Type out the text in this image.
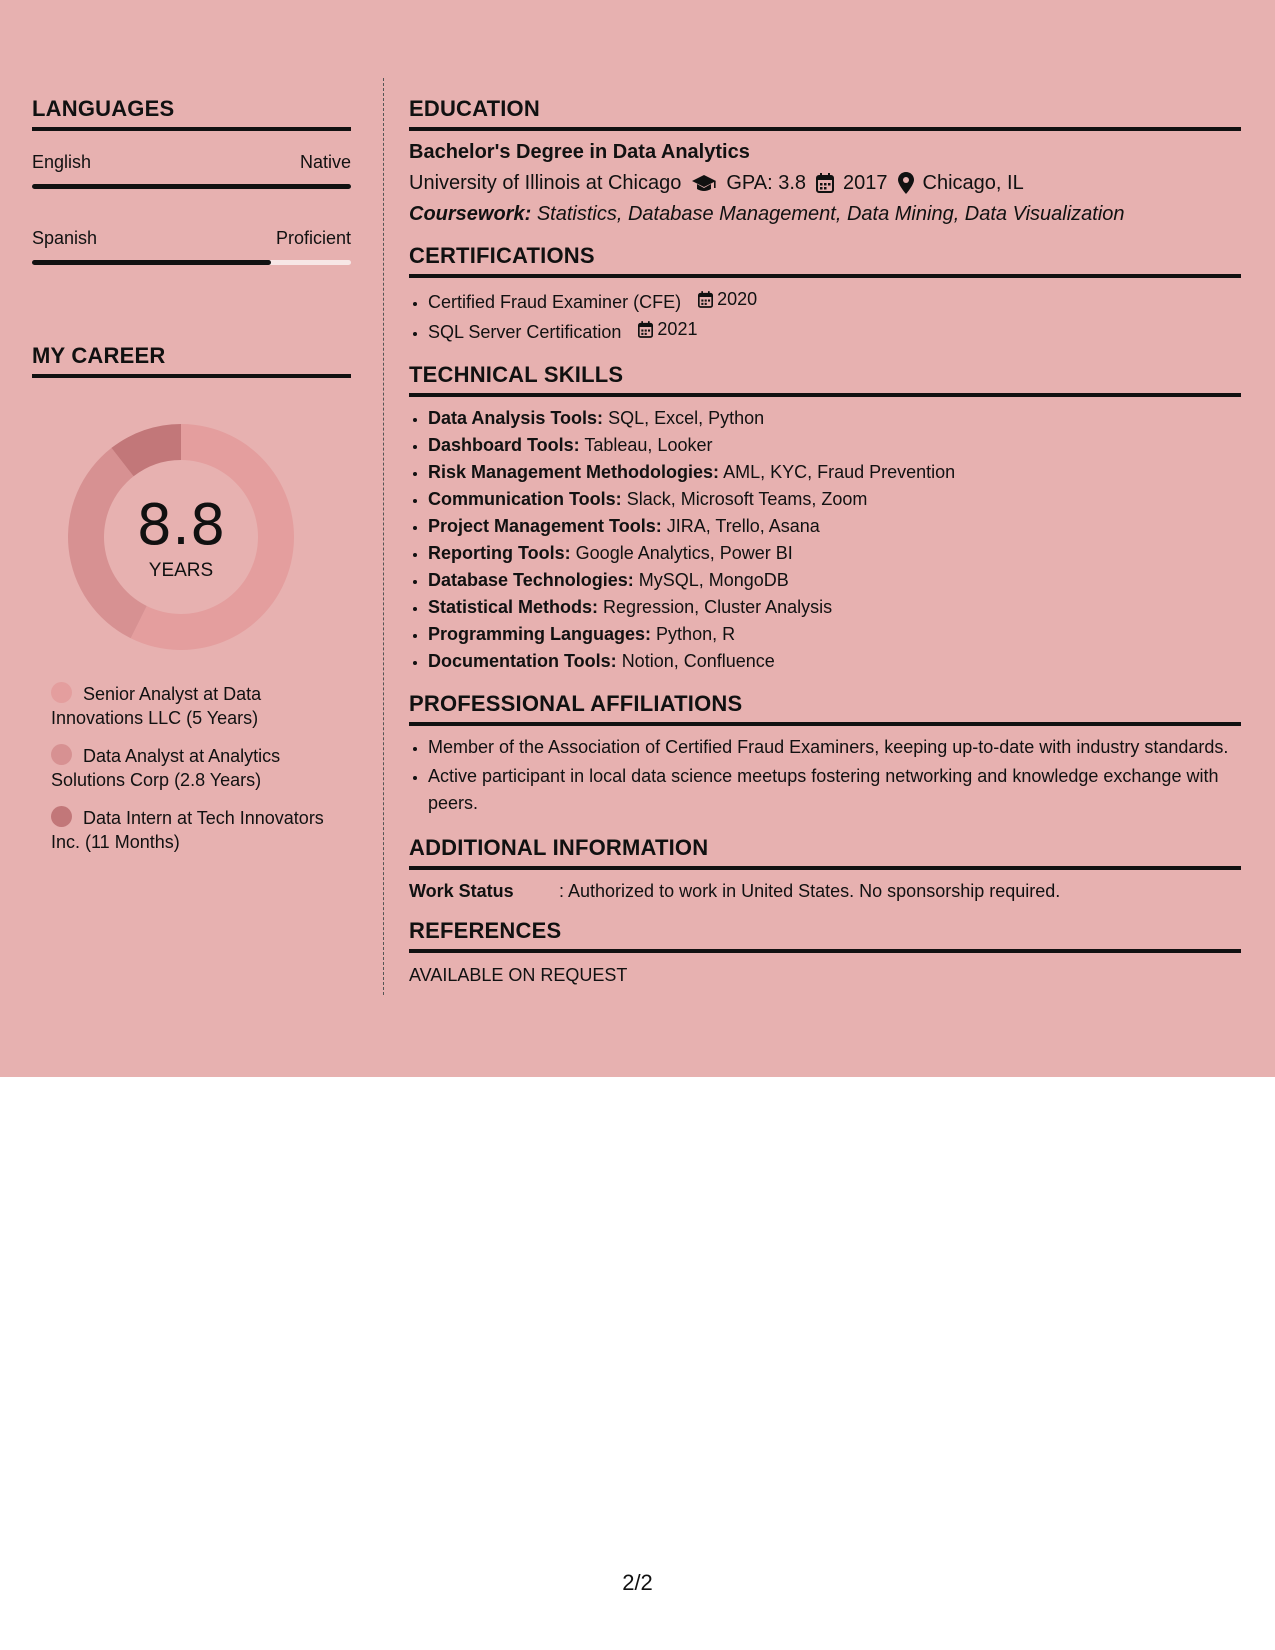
LANGUAGES
English	Native
Spanish	Proficient
MY CAREER
8.8
YEARS
Senior Analyst at Data Innovations LLC (5 Years)
Data Analyst at Analytics Solutions Corp (2.8 Years)
Data Intern at Tech Innovators Inc. (11 Months)
EDUCATION
Bachelor's Degree in Data Analytics
University of Illinois at Chicago GPA: 3.8 2017 Chicago, IL
Coursework: Statistics, Database Management, Data Mining, Data Visualization
CERTIFICATIONS
• Certified Fraud Examiner (CFE) 2020
• SQL Server Certification 2021
TECHNICAL SKILLS
• Data Analysis Tools: SQL, Excel, Python
• Dashboard Tools: Tableau, Looker
• Risk Management Methodologies: AML, KYC, Fraud Prevention
• Communication Tools: Slack, Microsoft Teams, Zoom
• Project Management Tools: JIRA, Trello, Asana
• Reporting Tools: Google Analytics, Power BI
• Database Technologies: MySQL, MongoDB
• Statistical Methods: Regression, Cluster Analysis
• Programming Languages: Python, R
• Documentation Tools: Notion, Confluence
PROFESSIONAL AFFILIATIONS
• Member of the Association of Certified Fraud Examiners, keeping up-to-date with industry standards.
• Active participant in local data science meetups fostering networking and knowledge exchange with peers.
ADDITIONAL INFORMATION
Work Status	: Authorized to work in United States. No sponsorship required.
REFERENCES
AVAILABLE ON REQUEST
2/2
